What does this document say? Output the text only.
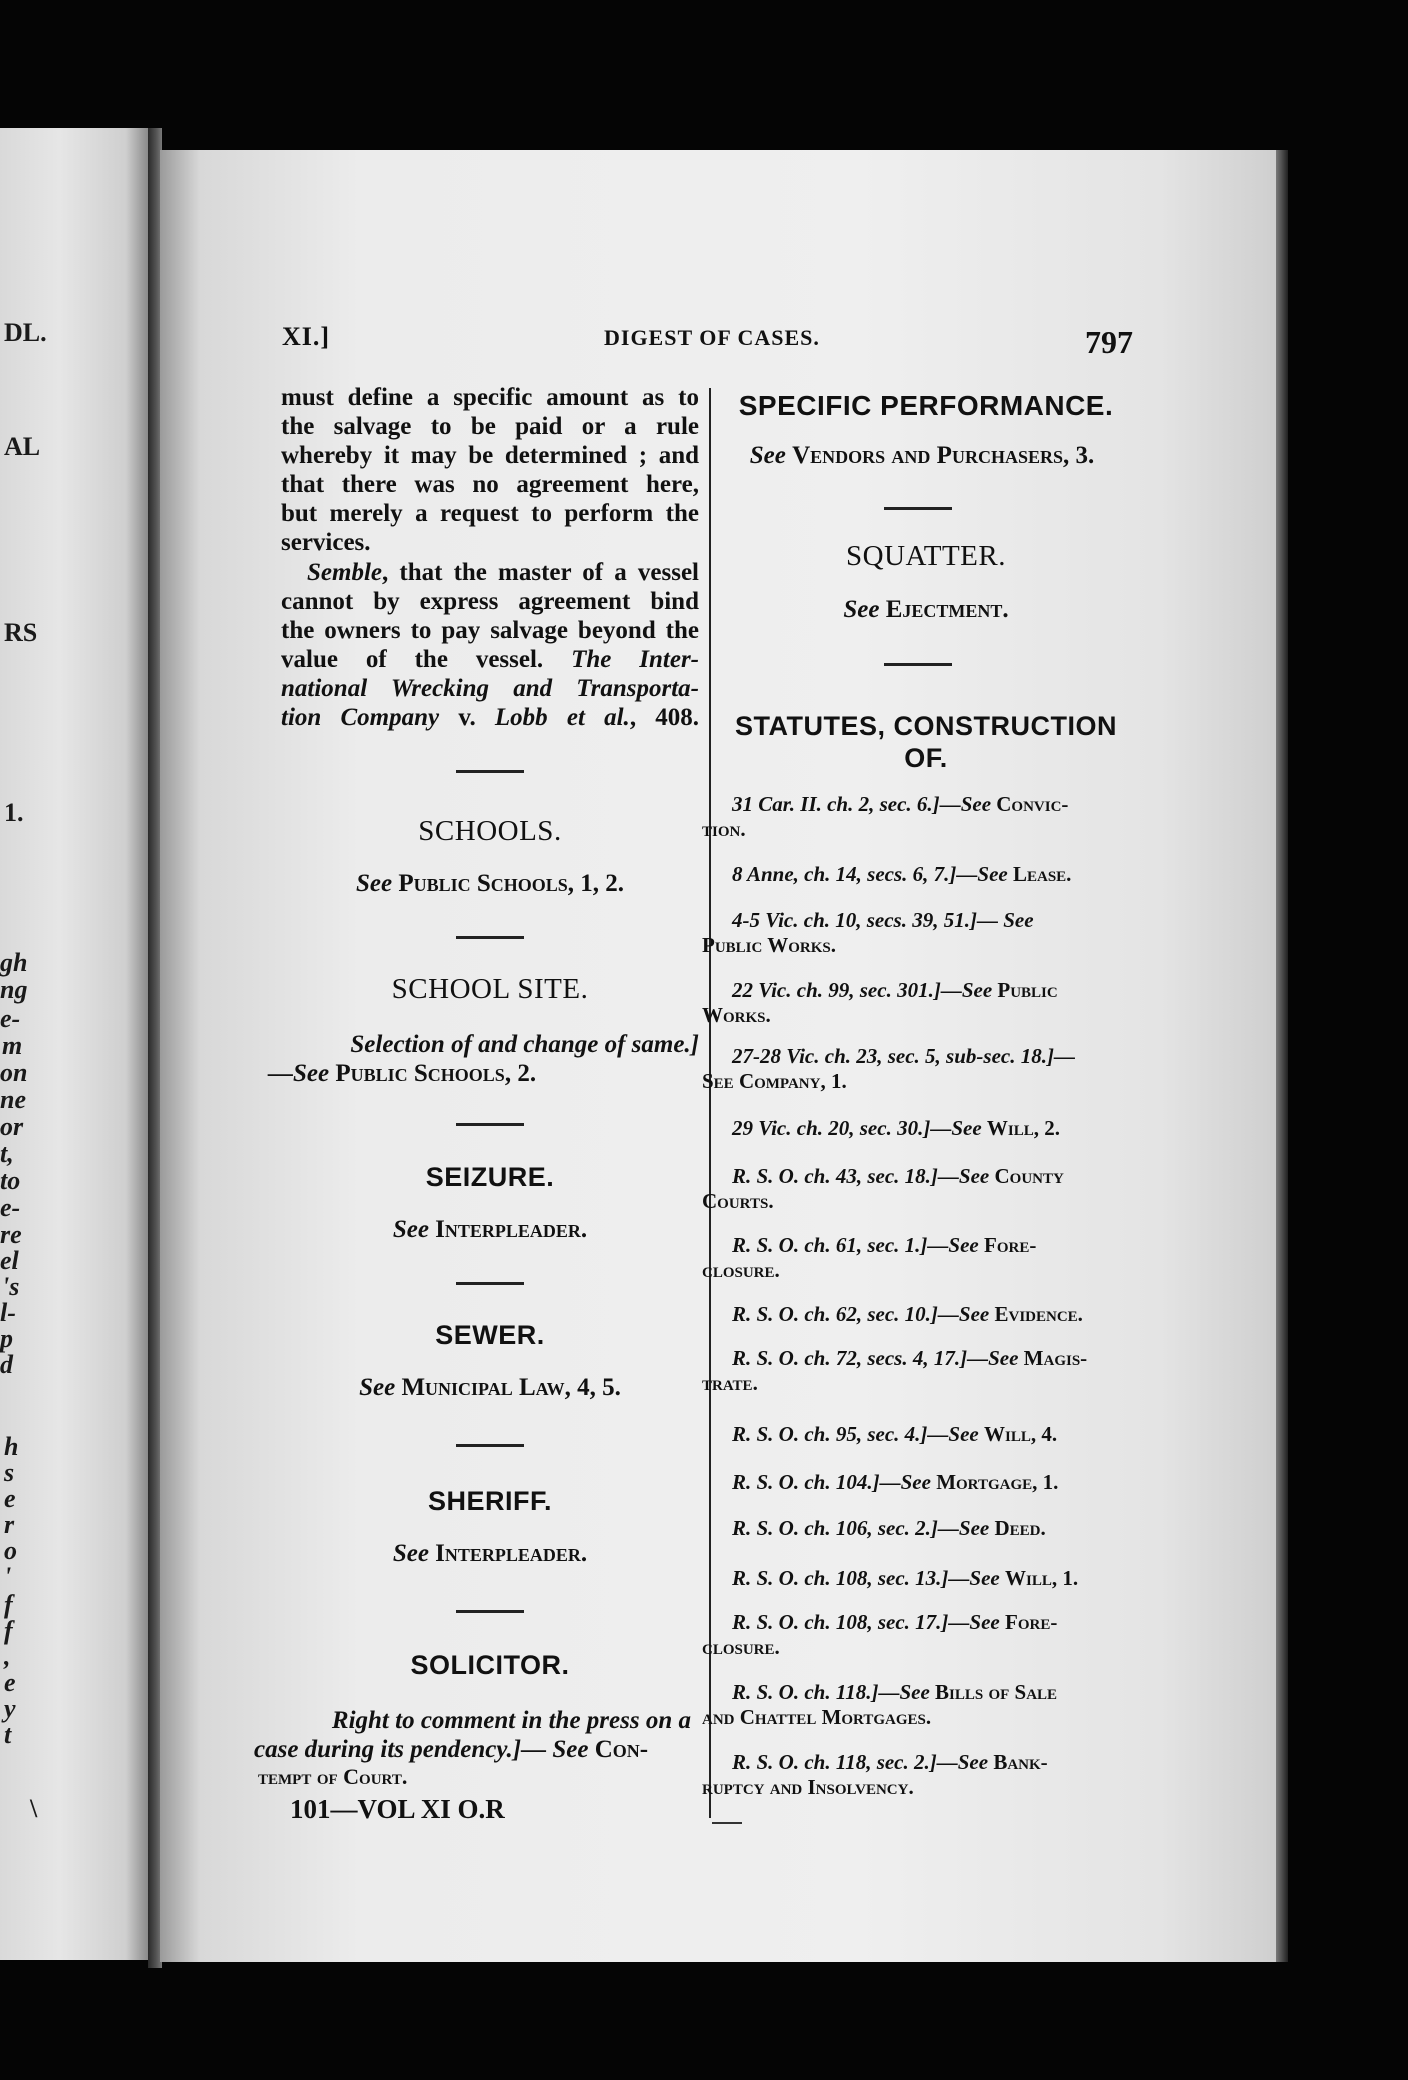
DL.
AL
RS
1.
gh
ng
e-
m
on
ne
or
t,
to
e-
re
el
's
l-
p
d
h
s
e
r
o
'
f
f
,
e
y
t
\
XI.]	DIGEST OF CASES.	797
must define a specific amount as to
the salvage to be paid or a rule
whereby it may be determined ; and
that there was no agreement here,
but merely a request to perform the
services.
Semble, that the master of a vessel
cannot by express agreement bind
the owners to pay salvage beyond the
value of the vessel. The Inter-
national Wrecking and Transporta-
tion Company v. Lobb et al., 408.
SCHOOLS.
See Public Schools, 1, 2.
SCHOOL SITE.
Selection of and change of same.]
—See Public Schools, 2.
SEIZURE.
See Interpleader.
SEWER.
See Municipal Law, 4, 5.
SHERIFF.
See Interpleader.
SOLICITOR.
Right to comment in the press on a
case during its pendency.]— See Con-
tempt of Court.
101—VOL XI O.R
SPECIFIC PERFORMANCE.
See Vendors and Purchasers, 3.
SQUATTER.
See Ejectment.
STATUTES, CONSTRUCTION
OF.
31 Car. II. ch. 2, sec. 6.]—See Convic-
tion.
8 Anne, ch. 14, secs. 6, 7.]—See Lease.
4-5 Vic. ch. 10, secs. 39, 51.]— See
Public Works.
22 Vic. ch. 99, sec. 301.]—See Public
Works.
27-28 Vic. ch. 23, sec. 5, sub-sec. 18.]—
See Company, 1.
29 Vic. ch. 20, sec. 30.]—See Will, 2.
R. S. O. ch. 43, sec. 18.]—See County
Courts.
R. S. O. ch. 61, sec. 1.]—See Fore-
closure.
R. S. O. ch. 62, sec. 10.]—See Evidence.
R. S. O. ch. 72, secs. 4, 17.]—See Magis-
trate.
R. S. O. ch. 95, sec. 4.]—See Will, 4.
R. S. O. ch. 104.]—See Mortgage, 1.
R. S. O. ch. 106, sec. 2.]—See Deed.
R. S. O. ch. 108, sec. 13.]—See Will, 1.
R. S. O. ch. 108, sec. 17.]—See Fore-
closure.
R. S. O. ch. 118.]—See Bills of Sale
and Chattel Mortgages.
R. S. O. ch. 118, sec. 2.]—See Bank-
ruptcy and Insolvency.
